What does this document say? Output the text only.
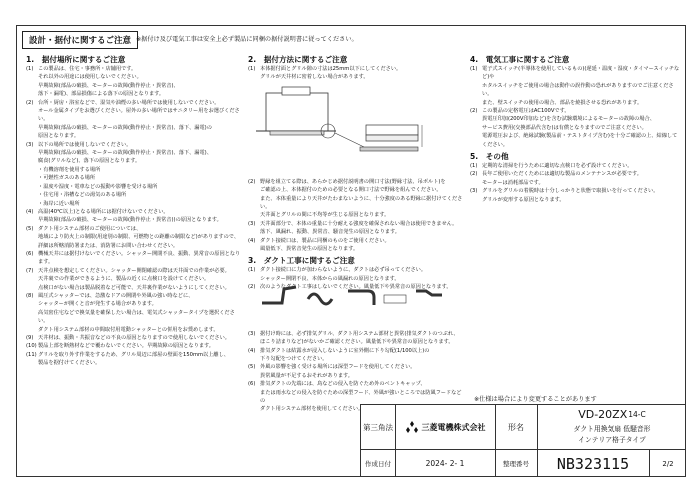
設計・据付に関するご注意 ※据付け及び電気工事は安全上必ず製品に同梱の据付説明書に従ってください。
1.　据付場所に関するご注意
(1) この製品は、住宅・事務所・店舗用です。
それ以外の用途には使用しないでください。
早期故障(部品の破損、モーターの故障(動作停止・異常音)、
落下・漏電)、部品損傷による落下の原因となります。
(2) 台所・厨房・浴室などで、湿気や油煙の多い場所では使用しないでください。
オール金属タイプをお選びください。屋外の多い場所ではサニタリー用をお選びください。
早期故障(部品の破損、モーターの故障(動作停止・異常音)、落下、漏電)の
原因となります。
(3) 以下の場所では使用しないでください。
早期故障(部品の破損、モーターの故障(動作停止・異常音)、落下、漏電)、
腐食(グリルなど)、落下の原因となります。
・有機溶剤を使用する場所
・可燃性ガスのある場所
・温度や湿度・電車などの振動や影響を受ける場所
・住宅用・浴槽などの湯気のある場所
・海岸に近い場所
(4) 高温(40℃以上)となる場所には据付けないでください。
早期故障(部品の破損、モーターの故障(動作停止・異常音))の原因となります。
(5) ダクト用システム部材のご使用については、
地域により防火上の制限(用途別の制限、可燃物との距離の制限など)がありますので、
詳細は所轄消防署または、消防署にお問い合わせください。
(6) 機械天井には据付けないでください。シャッター開閉不良、振動、異常音の原因となります。
(7) 天井点検を想定してください。シャッター開閉確認の際は天井面での作業が必要。
天井裏での作業ができるように、製品の近くに点検口を設けてください。
点検口がない場合は製品脱着など可能で、天井裏作業がないようにしてください。
(8) 風圧式シャッターでは、急激なドアの開閉や外風の強い時などに、
シャッターが開くと音が発生する場合があります。
高気密住宅などで換気量を確保したい場合は、電気式シャッタータイプを選択ください。
ダクト用システム部材の中間取付用電動シャッターとの併用をお奨めします。
(9) 天井材は、振動・共振音などの不良の原因となりますので使用しないでください。
(10) 製品上部を断熱材などで覆わないでください。早期故障の原因となります。
(11) グリルを取り外す作業をするため、グリル周辺に部屋の壁面を150mm以上離し、
製品を据付けてください。
2.　据付方法に関するご注意
(1) 本体据付面とグリル隙の寸法は25mm以下にしてください。
グリルが天井材に密着しない場合があります。
(2) 野縁を組立てる際は、あらかじめ据付説明書の開口寸法(野縁寸法、吊ボルト)を
ご確認の上、本体据付のための必要となる開口寸法で野縁を組んでください。
また、本体重量により天井がたわまないように、十分強度のある野縁に据付けてください。
天井面とグリルの間に不均等が生じる原因となります。
(3) 天井面部分で、本体の重量に十分耐える強度を確保されない場合は使用できません。
落下、風漏れ、振動、異常音、騒音発生の原因となります。
(4) ダクト接続口は、製品に同梱のものをご使用ください。
風量低下、異常音発生の原因となります。
3.　ダクト工事に関するご注意
(1) ダクト接続口に力が加わらないように、ダクトは必ず吊ってください。
シャッター開閉不良、本体からの風漏れの原因となります。
(2) 次のようなダクト工事はしないでください。風量低下や異常音の原因となります。
(3) 据付け時には、必ず排気グリル、ダクト用システム部材と異常(排気ダクトのつぶれ、
ほこり詰まりなど)がないかご確認ください。風量低下や異常音の原因となります。
(4) 排気ダクトは結露水が浸入しないように室外側に下り勾配(1/100以上)の
下り勾配をつけてください。
(5) 外風の影響を強く受ける場所には深型フードを使用してください。
異常風量が不足するおそれがあります。
(6) 排気ダクトの先端には、鳥などの侵入を防ぐため外のベントキャップ、
または雨水などの侵入を防ぐための深型フード、外風が強いところでは防風フードなどの
ダクト用システム部材を使用してください。
4.　電気工事に関するご注意
(1) 電子式スイッチ(半導体を使用しているもの)(遅延・温度・湿度・タイマースイッチなど)や
ホタルスイッチをご使用の場合は動作の誤作動の恐れがありますのでご注意ください。
また、壁スイッチの使用の場合、部品を焼損させる恐れがあります。
(2) この製品の定格電圧はAC100Vです。
異電圧印加(200V印加など)を含む試験環境によるモーターの故障の場合、
サービス費用(交換部品代含む)は有償となりますのでご注意ください。
電源電圧および、絶縁試験(製品前・テストタイプ含む)を十分ご確認の上、結線してください。
5.　その他
(1) 定期的な清掃を行うために適切な点検口を必ず設けてください。
(2) 長年ご使用いただくためには適切な製品のメンテナンスが必要です。
モーターは消耗部品です。
(3) グリルをグリルの着脱時は十分しっかりと状態で取扱いを行ってください。
グリルが変形する原因となります。
※仕様は場合により変更することがあります
第三角法	三菱電機株式会社	形名
VD-20ZX 14-C
ダクト用換気扇 低騒音形
インテリア格子タイプ
作成日付	2024- 2- 1	整理番号	NB323115	2/2
